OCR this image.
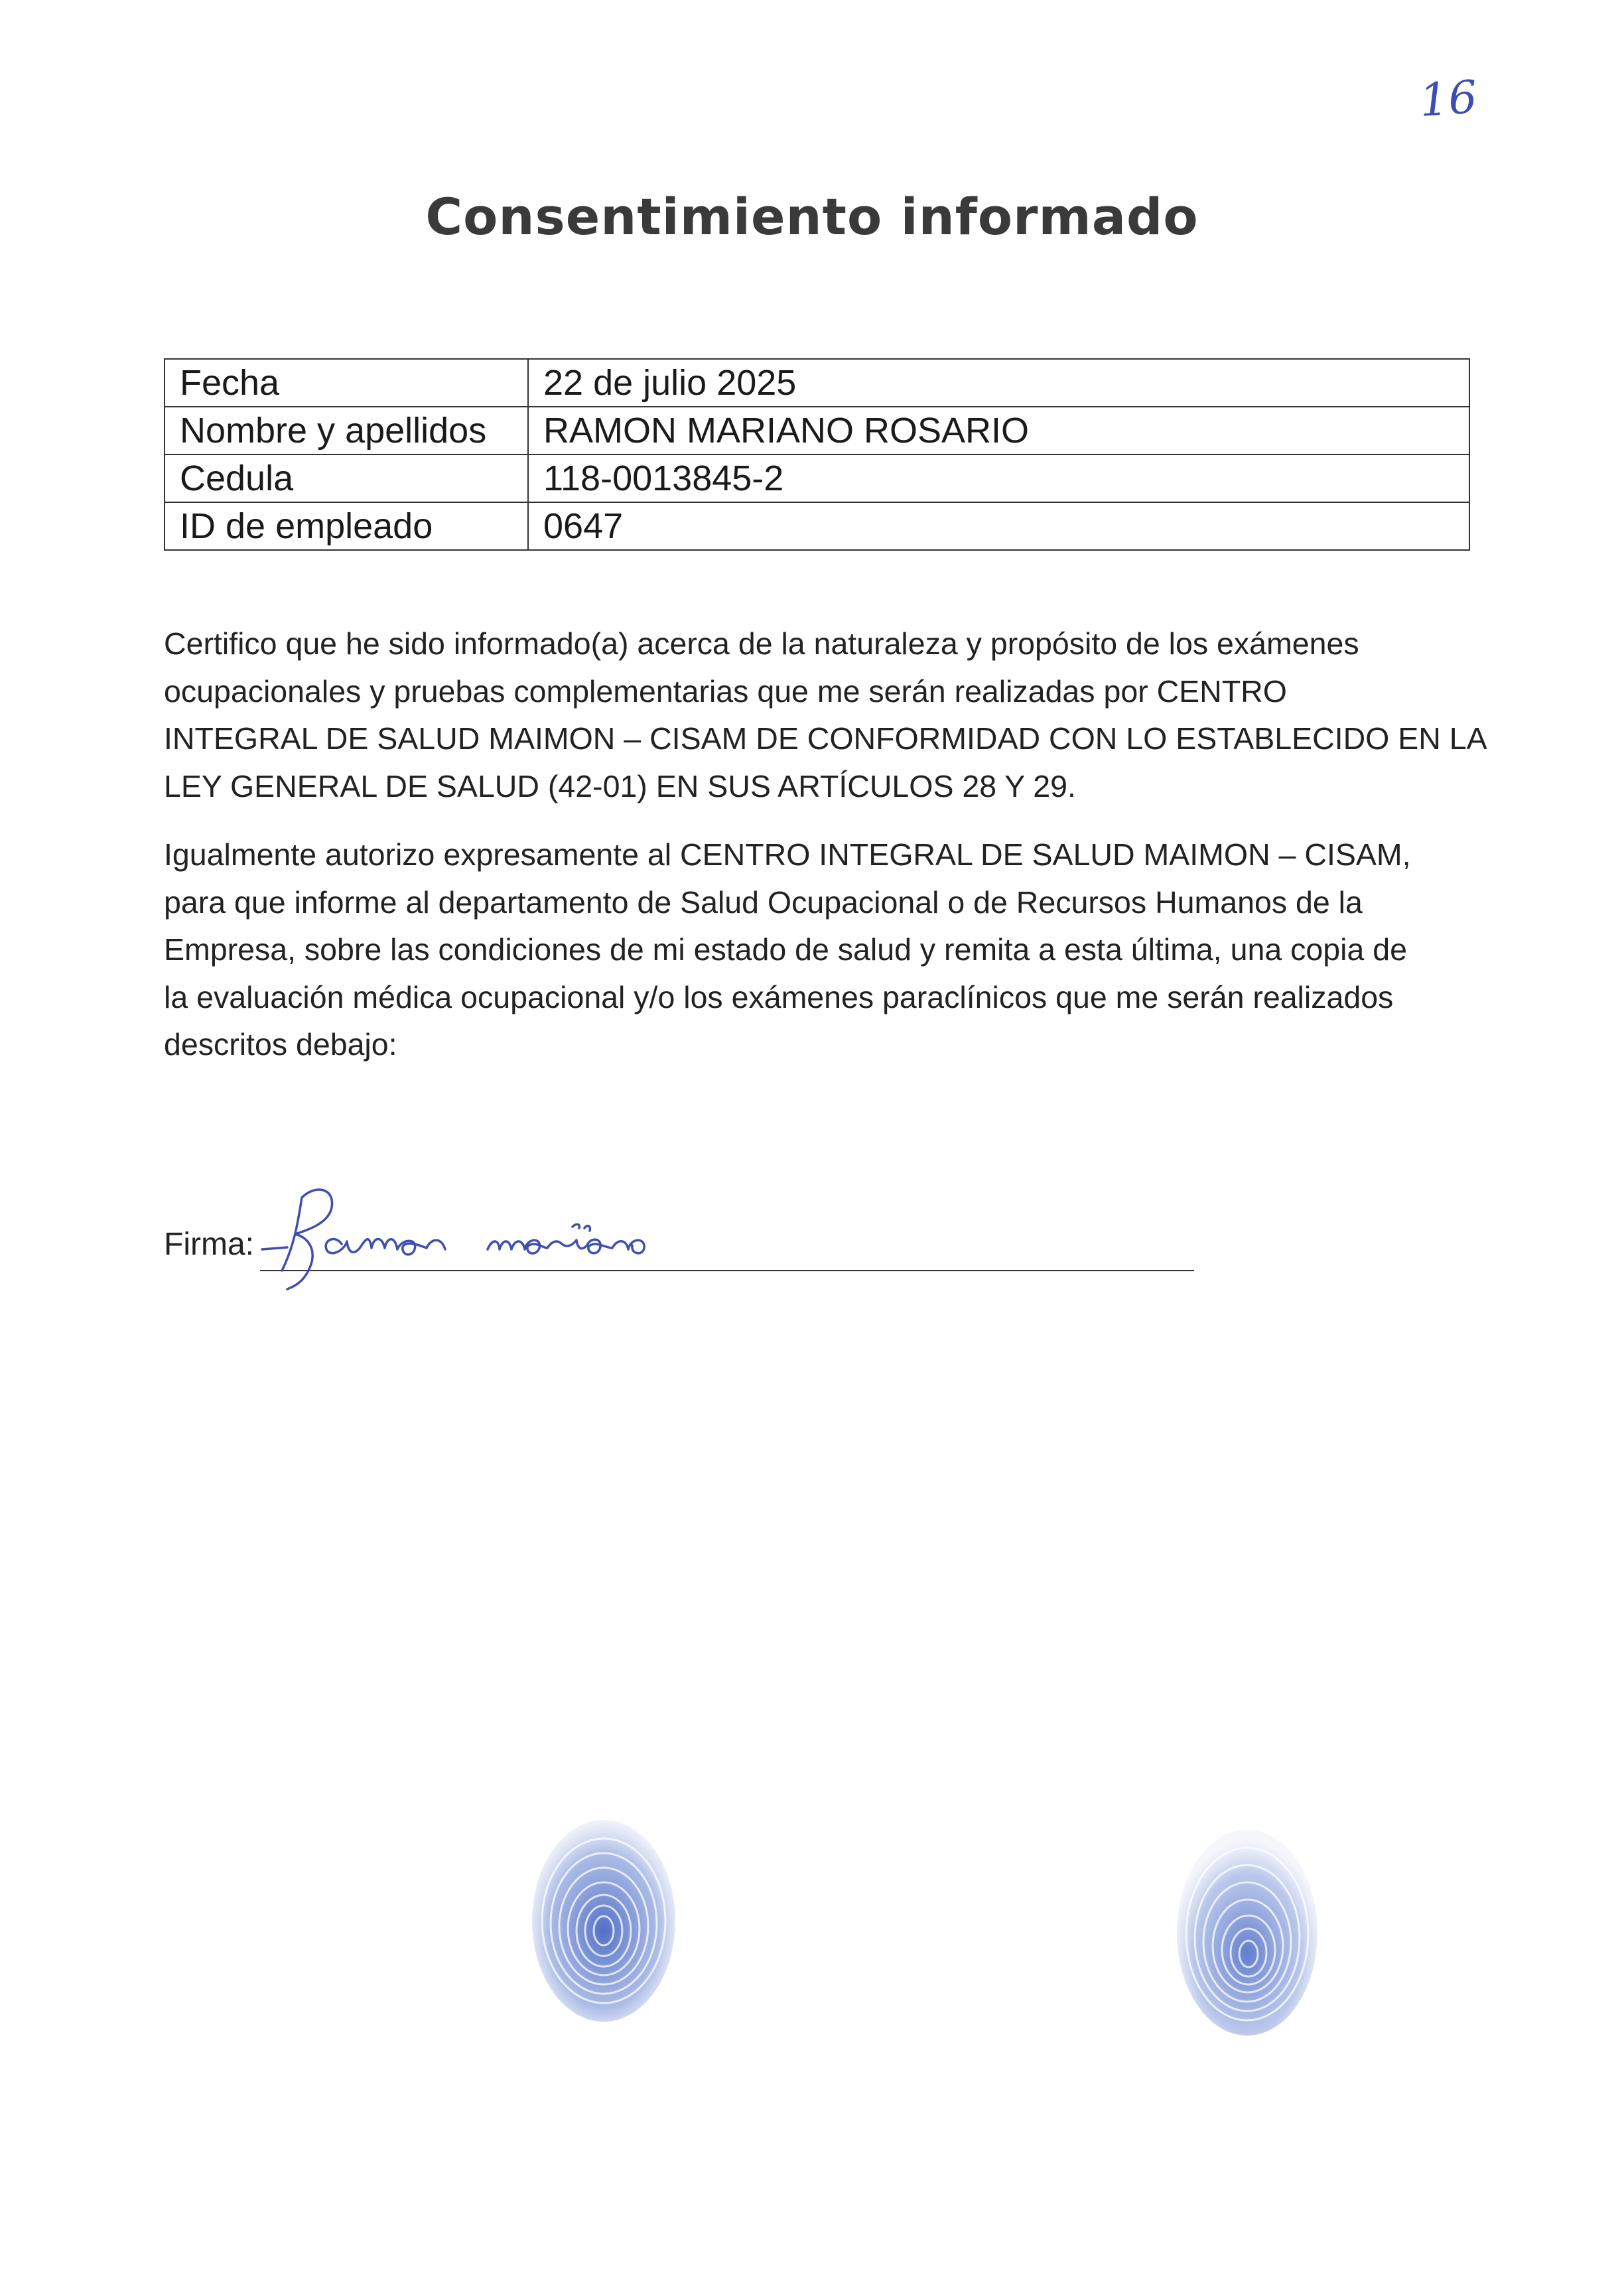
16
Consentimiento informado
Fecha	22 de julio 2025
Nombre y apellidos	RAMON MARIANO ROSARIO
Cedula	118-0013845-2
ID de empleado	0647
Certifico que he sido informado(a) acerca de la naturaleza y propósito de los exámenes
ocupacionales y pruebas complementarias que me serán realizadas por CENTRO
INTEGRAL DE SALUD MAIMON – CISAM DE CONFORMIDAD CON LO ESTABLECIDO EN LA
LEY GENERAL DE SALUD (42-01) EN SUS ARTÍCULOS 28 Y 29.
Igualmente autorizo expresamente al CENTRO INTEGRAL DE SALUD MAIMON – CISAM,
para que informe al departamento de Salud Ocupacional o de Recursos Humanos de la
Empresa, sobre las condiciones de mi estado de salud y remita a esta última, una copia de
la evaluación médica ocupacional y/o los exámenes paraclínicos que me serán realizados
descritos debajo:
Firma:
